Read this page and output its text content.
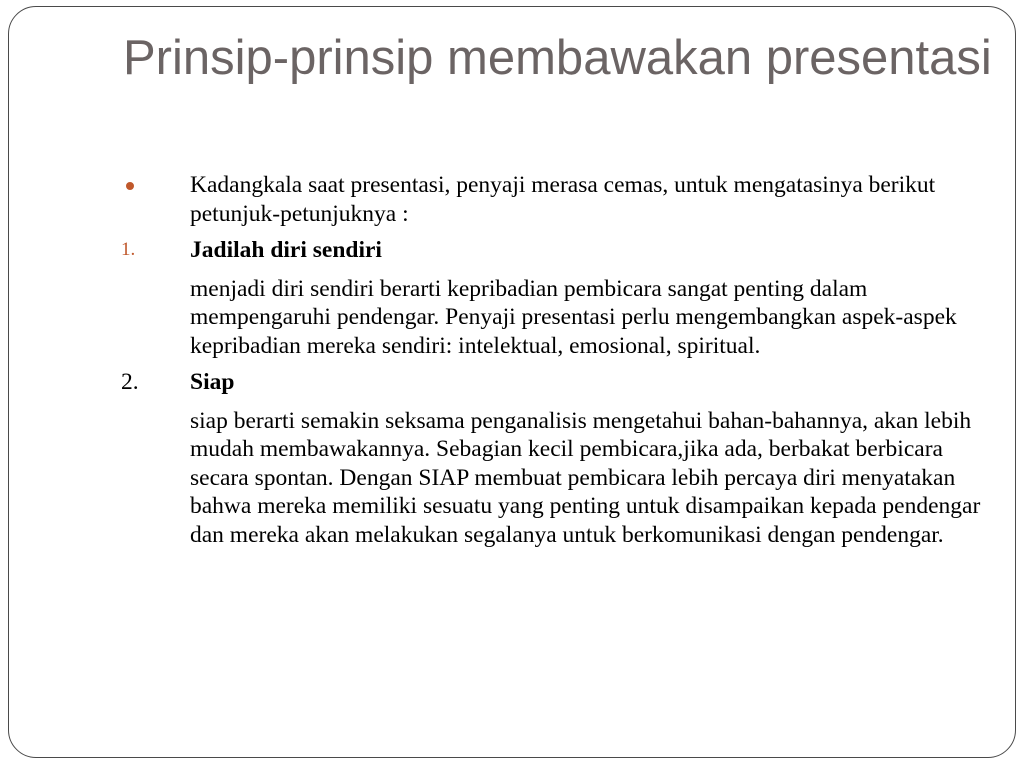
Prinsip-prinsip membawakan presentasi
Kadangkala saat presentasi, penyaji merasa cemas, untuk mengatasinya berikut petunjuk-petunjuknya :
1. Jadilah diri sendiri
menjadi diri sendiri berarti kepribadian pembicara sangat penting dalam mempengaruhi pendengar. Penyaji presentasi perlu mengembangkan aspek-aspek kepribadian mereka sendiri: intelektual, emosional, spiritual.
2. Siap
siap berarti semakin seksama penganalisis mengetahui bahan-bahannya, akan lebih mudah membawakannya. Sebagian kecil pembicara,jika ada, berbakat berbicara secara spontan. Dengan SIAP membuat pembicara lebih percaya diri menyatakan bahwa mereka memiliki sesuatu yang penting untuk disampaikan kepada pendengar dan mereka akan melakukan segalanya untuk berkomunikasi dengan pendengar.
